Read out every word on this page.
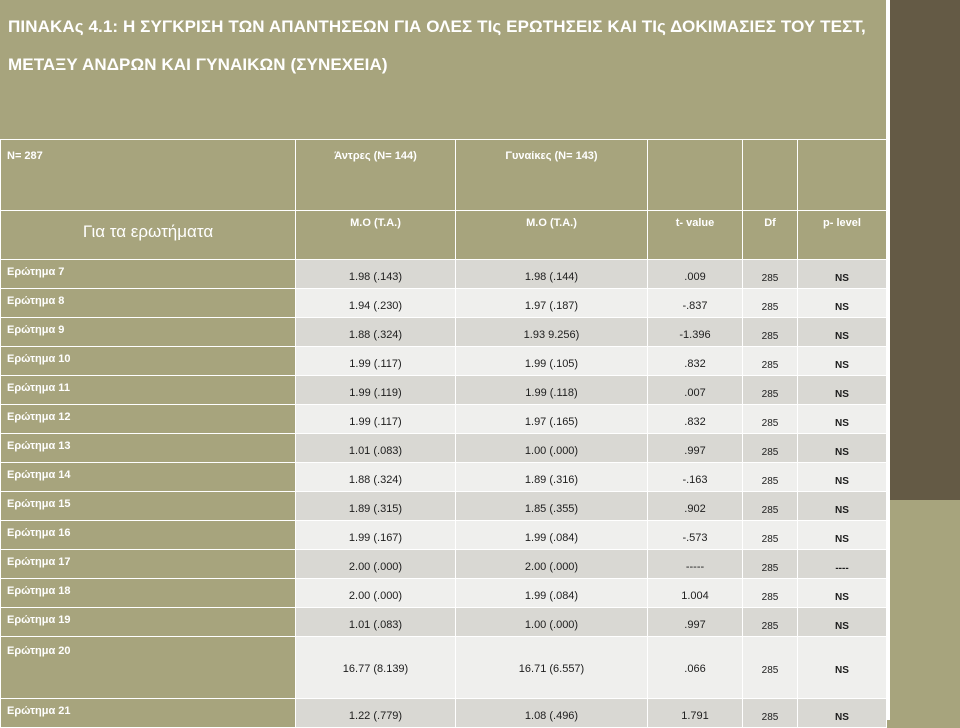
ΠΙΝΑΚΑς 4.1: Η ΣΥΓΚΡΙΣΗ ΤΩΝ ΑΠΑΝΤΗΣΕΩΝ ΓΙΑ ΟΛΕΣ ΤΙς ΕΡΩΤΗΣΕΙΣ ΚΑΙ ΤΙς ΔΟΚΙΜΑΣΙΕΣ ΤΟΥ ΤΕΣΤ, ΜΕΤΑΞΥ ΑΝΔΡΩΝ ΚΑΙ ΓΥΝΑΙΚΩΝ (ΣΥΝΕΧΕΙΑ)
N= 287	Άντρες (N= 144)	Γυναίκες (N= 143)			
Για τα ερωτήματα	M.O (T.A.)	M.O (T.A.)	t- value	Df	p- level
Ερώτημα 7	1.98 (.143)	1.98 (.144)	.009	285	NS
Ερώτημα 8	1.94 (.230)	1.97 (.187)	-.837	285	NS
Ερώτημα 9	1.88 (.324)	1.93 9.256)	-1.396	285	NS
Ερώτημα 10	1.99 (.117)	1.99 (.105)	.832	285	NS
Ερώτημα 11	1.99 (.119)	1.99 (.118)	.007	285	NS
Ερώτημα 12	1.99 (.117)	1.97 (.165)	.832	285	NS
Ερώτημα 13	1.01 (.083)	1.00 (.000)	.997	285	NS
Ερώτημα 14	1.88 (.324)	1.89 (.316)	-.163	285	NS
Ερώτημα 15	1.89 (.315)	1.85 (.355)	.902	285	NS
Ερώτημα 16	1.99 (.167)	1.99 (.084)	-.573	285	NS
Ερώτημα 17	2.00 (.000)	2.00 (.000)	-----	285	----
Ερώτημα 18	2.00 (.000)	1.99 (.084)	1.004	285	NS
Ερώτημα 19	1.01 (.083)	1.00 (.000)	.997	285	NS
Ερώτημα 20	16.77 (8.139)	16.71 (6.557)	.066	285	NS
Ερώτημα 21	1.22 (.779)	1.08 (.496)	1.791	285	NS
